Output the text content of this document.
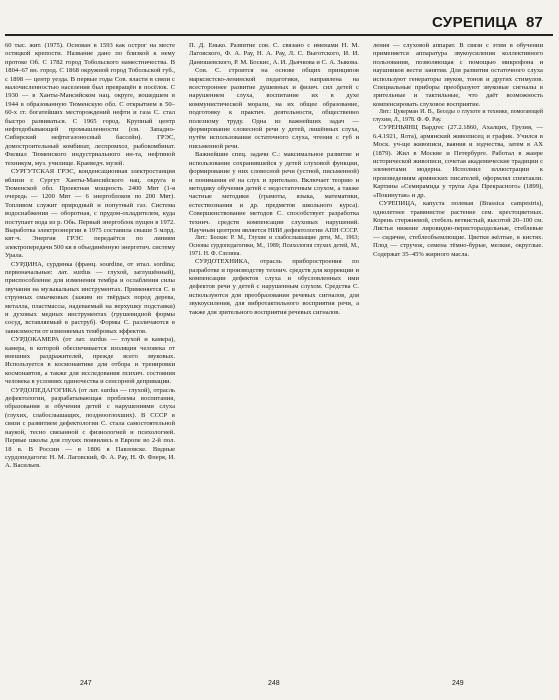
СУРЕПИЦА 87

60 тыс. жит. (1975). Основан в 1593 как острог на месте остяцкой крепости. Название дано по близкой к нему протоке Об. С 1782 город Тобольского наместничества. В 1804–67 вн. город. С 1868 окружной город Тобольской губ., с 1898 — центр уезда. В первые годы Сов. власти в связи с малочисленностью населения был превращён в посёлок. С 1930 — в Ханты-Мансийском нац. округе, вошедшем в 1944 в образованную Тюменскую обл. С открытием в 50–60-х гг. богатейших месторождений нефти и газа С. стал быстро развиваться. С 1965 город. Крупный центр нефтедобывающей промышленности (см. Западно-Сибирский нефтегазоносный бассейн). ГРЭС, домостроительный комбинат, леспромхоз, рыбокомбинат. Филиал Тюменского индустриального ин-та, нефтяной техникум, муз. училище. Краеведч. музей.

СУРГУТСКАЯ ГРЭС, конденсационная электростанция вблизи г. Сургут Ханты-Мансийского нац. округа в Тюменской обл. Проектная мощность 2400 Мвт (1-я очередь — 1200 Мвт — 6 энергоблоков по 200 Мвт). Топливом служит природный и попутный газ. Система водоснабжения — оборотная, с прудом-охладителем, куда поступает вода из р. Обь. Первый энергоблок пущен в 1972. Выработка электроэнергии в 1975 составила свыше 5 млрд. квт·ч. Энергия ГРЭС передаётся по линиям электропередачи 500 кв в объединённую энергетич. систему Урала.

СУРДИНА, сурдинка (франц. sourdine, от итал. sordina; первоначальные: лат. surdus — глухой, заглушённый), приспособление для изменения тембра и ослабления силы звучания на музыкальных инструментах. Применяется С. в струнных смычковых (зажим из твёрдых пород дерева, металла, пластмассы, надеваемый на верхушку подставки) и духовых медных инструментах (грушевидной формы сосуд, вставляемый в раструб). Формы С. различаются в зависимости от изменяемых тембровых эффектов.

СУРДОКАМЕРА (от лат. surdus — глухой и камера), камера, в которой обеспечивается изоляция человека от внешних раздражителей, прежде всего звуковых. Используется в космонавтике для отбора и тренировки космонавтов, а также для исследования психич. состояния человека в условиях одиночества и сенсорной депривации.

СУРДОПЕДАГОГИКА (от лат. surdus — глухой), отрасль дефектологии, разрабатывающая проблемы воспитания, образования и обучения детей с нарушениями слуха (глухих, слабослышащих, позднооглохших). В СССР в связи с развитием дефектологии С. стала самостоятельной наукой, тесно связанной с физиологией и психологией. Первые школы для глухих появились в Европе во 2-й пол. 18 в. В России — в 1806 в Павловске. Видные сурдопедагоги: Н. М. Лаговский, Ф. А. Рау, Н. Ф. Флеря, И. А. Васильев.

П. Д. Енько. Развитие сов. С. связано с именами Н. М. Лаговского, Ф. А. Рау, Н. А. Рау, Л. С. Выготского, И. И. Данюшевского, Р. М. Боскис, А. И. Дьячкова и С. А. Зыкова.

Сов. С. строится на основе общих принципов марксистско-ленинской педагогики, направлена на всестороннее развитие душевных и физич. сил детей с нарушением слуха, воспитание их в духе коммунистической морали, на их общее образование, подготовку к практич. деятельности, общественно полезному труду. Одна из важнейших задач — формирование словесной речи у детей, лишённых слуха, путём использования остаточного слуха, чтения с губ и письменной речи.

Важнейшие спец. задачи С.: максимальное развитие и использование сохранившейся у детей слуховой функции, формирование у них словесной речи (устной, письменной) и понимания её на слух и зрительно. Включает теорию и методику обучения детей с недостаточным слухом, а также частные методики (грамоты, языка, математики, естествознания и др. предметов школьного курса). Совершенствование методов С. способствует разработка технич. средств компенсации слуховых нарушений. Научным центром является НИИ дефектологии АПН СССР.

Лит.: Боскис Р. М., Глухие и слабослышащие дети, М., 1963; Основы сурдопедагогики, М., 1989; Психология глухих детей, М., 1971. Н. Ф. Слезина.

СУРДОТЕХНИКА, отрасль приборостроения по разработке и производству технич. средств для коррекции и компенсации дефектов слуха и обусловленных ими дефектов речи у детей с нарушенным слухом. Средства С. используются для преобразования речевых сигналов, для звукоусиления, для вибротактильного восприятия речи, а также для зрительного восприятия речевых сигналов.

ления — слуховой аппарат. В связи с этим в обучении применяется аппаратура звукоусиления коллективного пользования, позволяющая с помощью микрофона и наушников вести занятия. Для развития остаточного слуха используют генераторы звуков, тонов и других стимулов. Специальные приборы преобразуют звуковые сигналы в зрительные и тактильные, что даёт возможность компенсировать слуховое восприятие.

Лит.: Цукерман И. В., Беседы о глухоте и технике, помогающей глухим, Л., 1978. Ф. Ф. Рау.

СУРЕНЬЯНЦ Вардгес (27.2.1860, Ахалцих, Грузия, — 6.4.1921, Ялта), армянский живописец и график. Учился в Моск. уч-ще живописи, ваяния и зодчества, затем в АХ (1879). Жил в Москве и Петербурге. Работал в жанре исторической живописи, сочетая академические традиции с элементами модерна. Исполнил иллюстрации к произведениям армянских писателей, оформлял спектакли. Картины «Семирамида у трупа Ара Прекрасного» (1899), «Покинутая» и др.

СУРЕПИЦА, капуста полевая (Brassica campestris), однолетнее травянистое растение сем. крестоцветных. Корень стержневой, стебель ветвистый, высотой 20–100 см. Листья нижние лировидно-перистораздельные, стеблевые — сидячие, стеблеобъемлющие. Цветки жёлтые, в кистях. Плод — стручок, семена тёмно-бурые, мелкие, округлые. Содержат 35–45% жирного масла.

247	248	249
